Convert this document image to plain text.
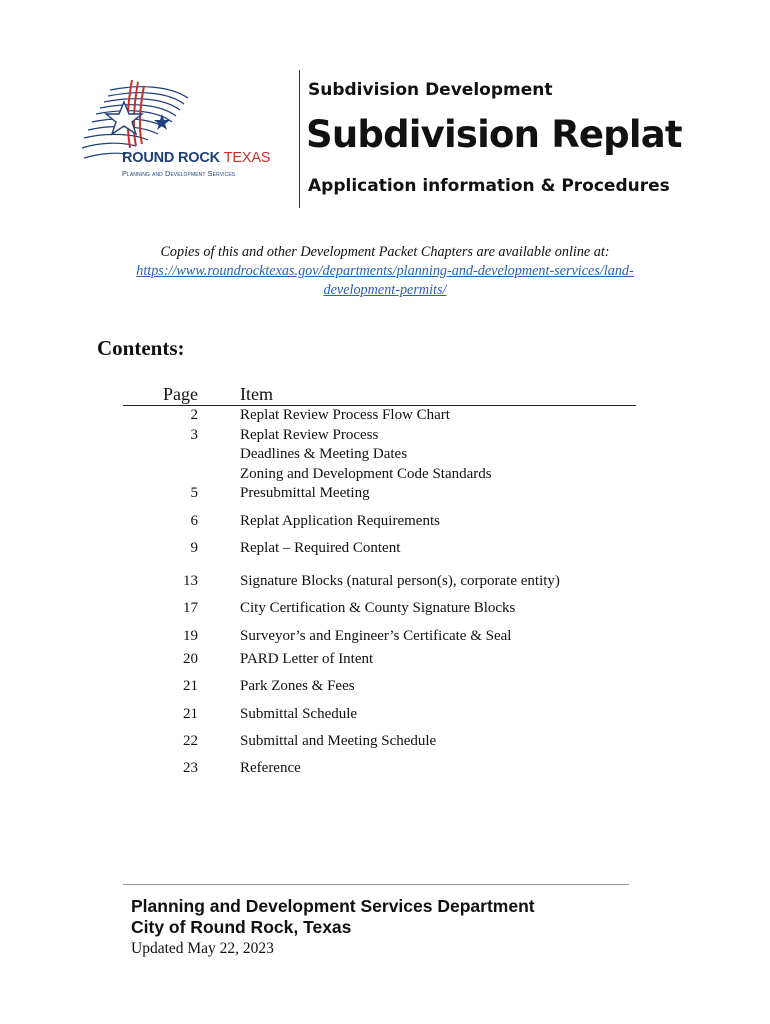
ROUND ROCK TEXAS
Planning and Development Services
Subdivision Development
Subdivision Replat
Application information & Procedures
Copies of this and other Development Packet Chapters are available online at:
https://www.roundrocktexas.gov/departments/planning-and-development-services/land-
development-permits/
Contents:
Page Item
2	Replat Review Process Flow Chart
3	Replat Review Process
Deadlines & Meeting Dates
Zoning and Development Code Standards
5	Presubmittal Meeting
6	Replat Application Requirements
9	Replat – Required Content
13	Signature Blocks (natural person(s), corporate entity)
17	City Certification & County Signature Blocks
19	Surveyor’s and Engineer’s Certificate & Seal
20	PARD Letter of Intent
21	Park Zones & Fees
21	Submittal Schedule
22	Submittal and Meeting Schedule
23	Reference
Planning and Development Services Department
City of Round Rock, Texas
Updated May 22, 2023
